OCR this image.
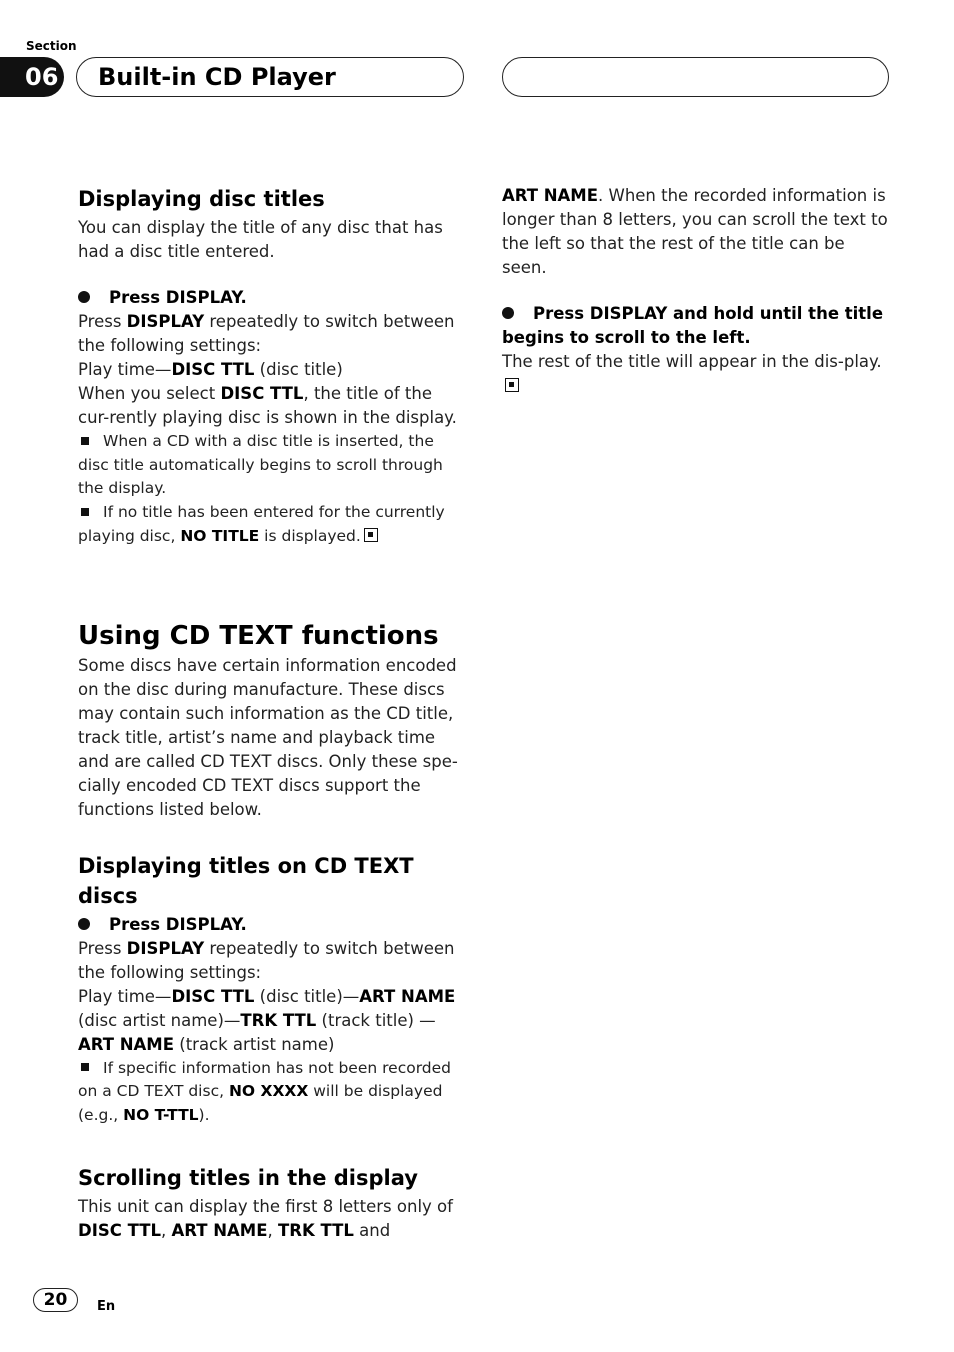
Section
06	Built-in CD Player
Displaying disc titles

You can display the title of any disc that has had a disc title entered.

Press DISPLAY.

Press DISPLAY repeatedly to switch between the following settings:
Play time—DISC TTL (disc title)
When you select DISC TTL, the title of the cur-rently playing disc is shown in the display.

When a CD with a disc title is inserted, the disc title automatically begins to scroll through the display.

If no title has been entered for the currently playing disc, NO TITLE is displayed.

Using CD TEXT functions

Some discs have certain information encoded on the disc during manufacture. These discs may contain such information as the CD title, track title, artist’s name and playback time and are called CD TEXT discs. Only these spe-cially encoded CD TEXT discs support the functions listed below.

Displaying titles on CD TEXT discs
Press DISPLAY.

Press DISPLAY repeatedly to switch between the following settings:
Play time—DISC TTL (disc title)—ART NAME (disc artist name)—TRK TTL (track title) —ART NAME (track artist name)

If specific information has not been recorded on a CD TEXT disc, NO XXXX will be displayed (e.g., NO T-TTL).

Scrolling titles in the display

This unit can display the first 8 letters only of DISC TTL, ART NAME, TRK TTL and

ART NAME. When the recorded information is longer than 8 letters, you can scroll the text to the left so that the rest of the title can be seen.

Press DISPLAY and hold until the title begins to scroll to the left.

The rest of the title will appear in the dis-play.

20	En
